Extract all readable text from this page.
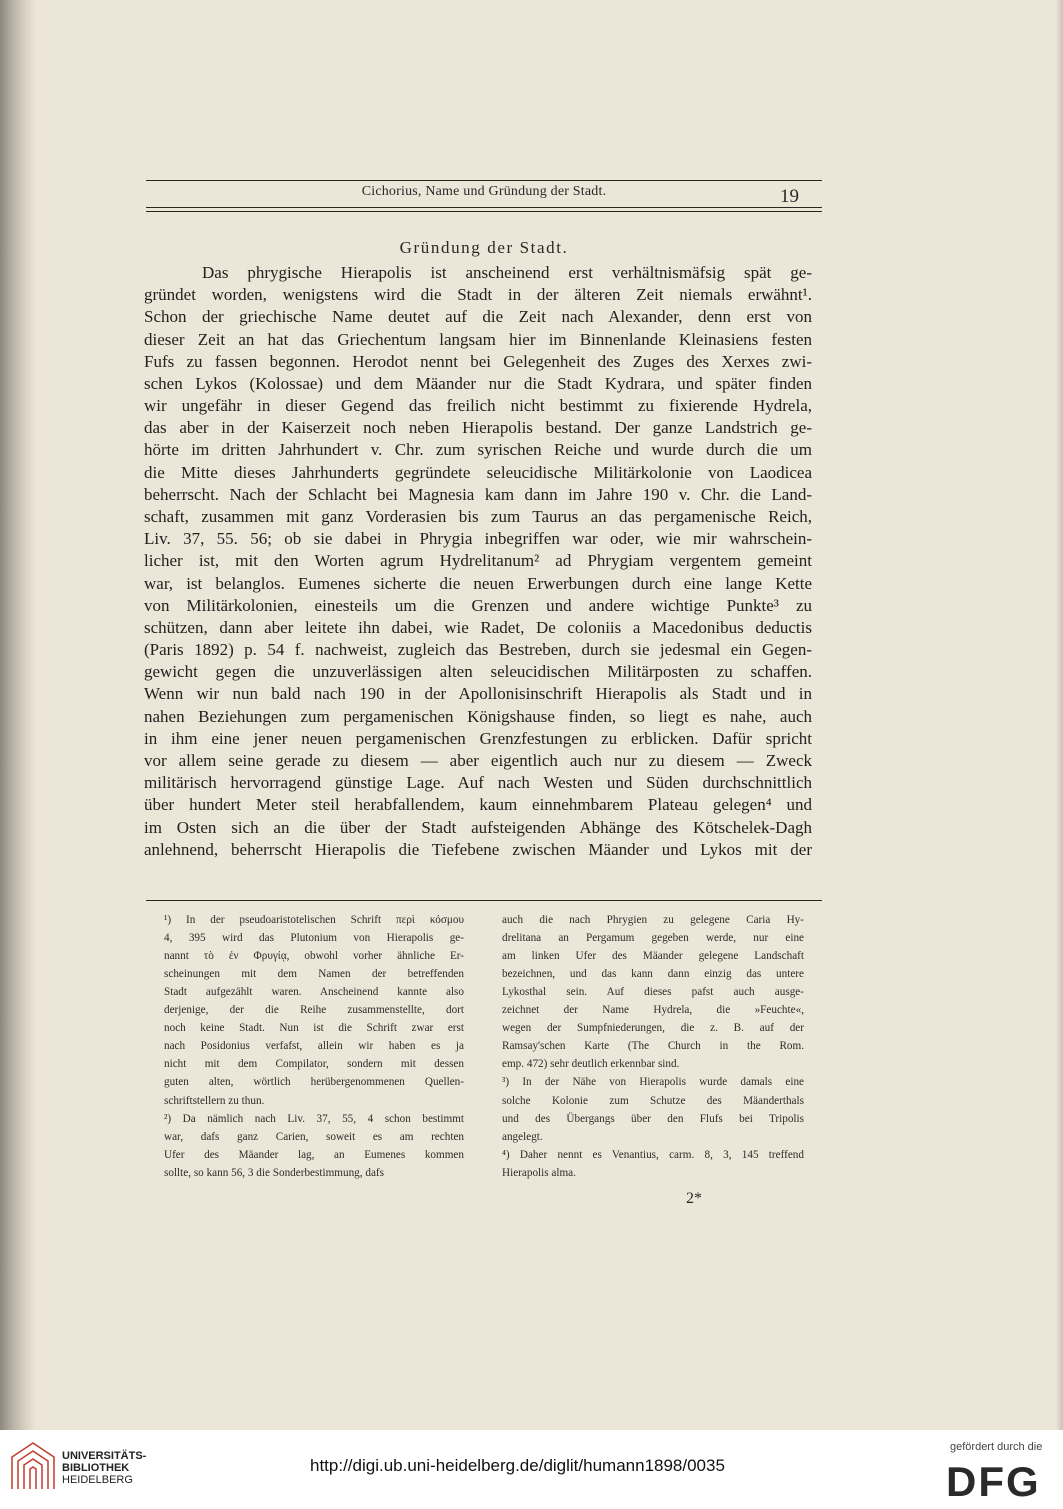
Cichorius, Name und Gründung der Stadt.	19
Gründung der Stadt.
Das phrygische Hierapolis ist anscheinend erst verhältnismäfsig spät ge-
gründet worden, wenigstens wird die Stadt in der älteren Zeit niemals erwähnt¹.
Schon der griechische Name deutet auf die Zeit nach Alexander, denn erst von
dieser Zeit an hat das Griechentum langsam hier im Binnenlande Kleinasiens festen
Fufs zu fassen begonnen. Herodot nennt bei Gelegenheit des Zuges des Xerxes zwi-
schen Lykos (Kolossae) und dem Mäander nur die Stadt Kydrara, und später finden
wir ungefähr in dieser Gegend das freilich nicht bestimmt zu fixierende Hydrela,
das aber in der Kaiserzeit noch neben Hierapolis bestand. Der ganze Landstrich ge-
hörte im dritten Jahrhundert v. Chr. zum syrischen Reiche und wurde durch die um
die Mitte dieses Jahrhunderts gegründete seleucidische Militärkolonie von Laodicea
beherrscht. Nach der Schlacht bei Magnesia kam dann im Jahre 190 v. Chr. die Land-
schaft, zusammen mit ganz Vorderasien bis zum Taurus an das pergamenische Reich,
Liv. 37, 55. 56; ob sie dabei in Phrygia inbegriffen war oder, wie mir wahrschein-
licher ist, mit den Worten agrum Hydrelitanum² ad Phrygiam vergentem gemeint
war, ist belanglos. Eumenes sicherte die neuen Erwerbungen durch eine lange Kette
von Militärkolonien, einesteils um die Grenzen und andere wichtige Punkte³ zu
schützen, dann aber leitete ihn dabei, wie Radet, De coloniis a Macedonibus deductis
(Paris 1892) p. 54 f. nachweist, zugleich das Bestreben, durch sie jedesmal ein Gegen-
gewicht gegen die unzuverlässigen alten seleucidischen Militärposten zu schaffen.
Wenn wir nun bald nach 190 in der Apollonisinschrift Hierapolis als Stadt und in
nahen Beziehungen zum pergamenischen Königshause finden, so liegt es nahe, auch
in ihm eine jener neuen pergamenischen Grenzfestungen zu erblicken. Dafür spricht
vor allem seine gerade zu diesem — aber eigentlich auch nur zu diesem — Zweck
militärisch hervorragend günstige Lage. Auf nach Westen und Süden durchschnittlich
über hundert Meter steil herabfallendem, kaum einnehmbarem Plateau gelegen⁴ und
im Osten sich an die über der Stadt aufsteigenden Abhänge des Kötschelek-Dagh
anlehnend, beherrscht Hierapolis die Tiefebene zwischen Mäander und Lykos mit der
¹) In der pseudoaristotelischen Schrift περὶ κόσμου
4, 395 wird das Plutonium von Hierapolis ge-
nannt τὸ ἐν Φρυγίᾳ, obwohl vorher ähnliche Er-
scheinungen mit dem Namen der betreffenden
Stadt aufgezählt waren. Anscheinend kannte also
derjenige, der die Reihe zusammenstellte, dort
noch keine Stadt. Nun ist die Schrift zwar erst
nach Posidonius verfafst, allein wir haben es ja
nicht mit dem Compilator, sondern mit dessen
guten alten, wörtlich herübergenommenen Quellen-
schriftstellern zu thun.
²) Da nämlich nach Liv. 37, 55, 4 schon bestimmt
war, dafs ganz Carien, soweit es am rechten
Ufer des Mäander lag, an Eumenes kommen
sollte, so kann 56, 3 die Sonderbestimmung, dafs
auch die nach Phrygien zu gelegene Caria Hy-
drelitana an Pergamum gegeben werde, nur eine
am linken Ufer des Mäander gelegene Landschaft
bezeichnen, und das kann dann einzig das untere
Lykosthal sein. Auf dieses pafst auch ausge-
zeichnet der Name Hydrela, die »Feuchte«,
wegen der Sumpfniederungen, die z. B. auf der
Ramsay'schen Karte (The Church in the Rom.
emp. 472) sehr deutlich erkennbar sind.
³) In der Nähe von Hierapolis wurde damals eine
solche Kolonie zum Schutze des Mäanderthals
und des Übergangs über den Flufs bei Tripolis
angelegt.
⁴) Daher nennt es Venantius, carm. 8, 3, 145 treffend
Hierapolis alma.
2*
UNIVERSITÄTS-
BIBLIOTHEK
HEIDELBERG
http://digi.ub.uni-heidelberg.de/diglit/humann1898/0035
gefördert durch die
DFG
